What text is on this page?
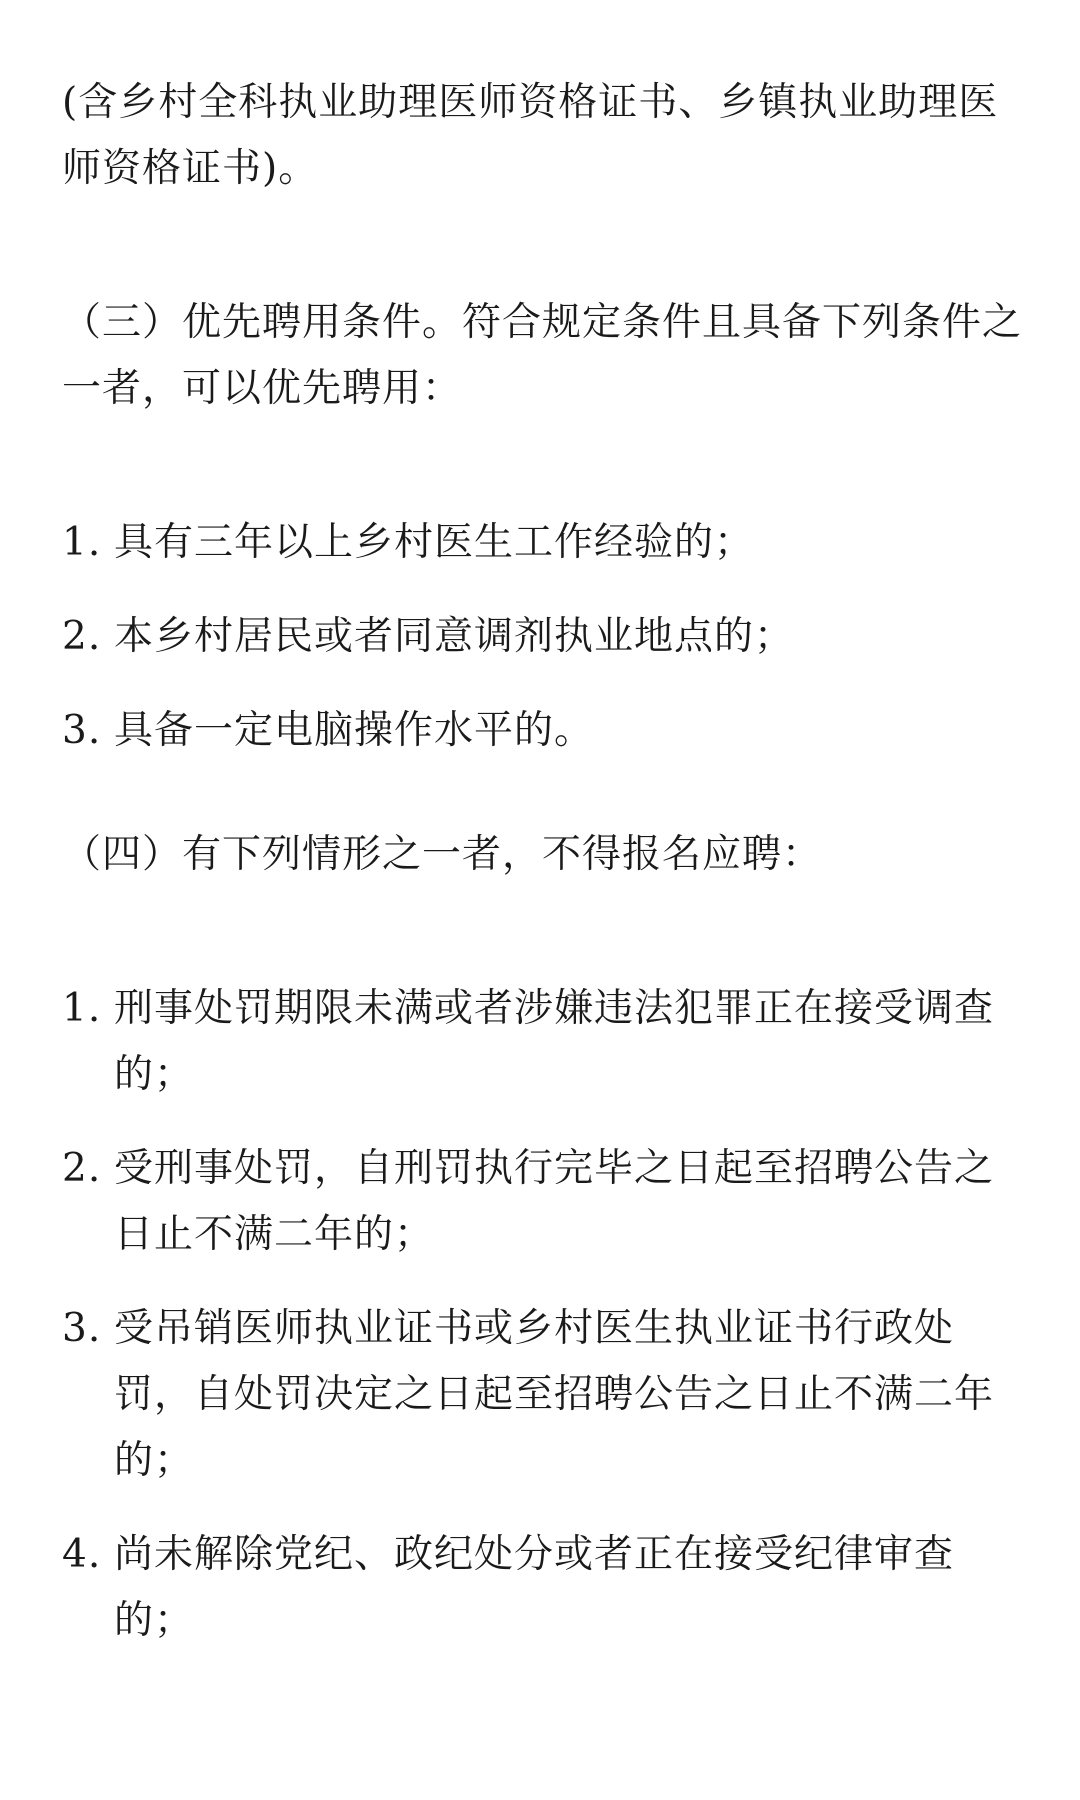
(含乡村全科执业助理医师资格证书、乡镇执业助理医师资格证书)。

（三）优先聘用条件。符合规定条件且具备下列条件之一者，可以优先聘用：

1. 具有三年以上乡村医生工作经验的；
2. 本乡村居民或者同意调剂执业地点的；
3. 具备一定电脑操作水平的。

（四）有下列情形之一者，不得报名应聘：

1. 刑事处罚期限未满或者涉嫌违法犯罪正在接受调查的；
2. 受刑事处罚，自刑罚执行完毕之日起至招聘公告之日止不满二年的；
3. 受吊销医师执业证书或乡村医生执业证书行政处罚，自处罚决定之日起至招聘公告之日止不满二年的；
4. 尚未解除党纪、政纪处分或者正在接受纪律审查的；
